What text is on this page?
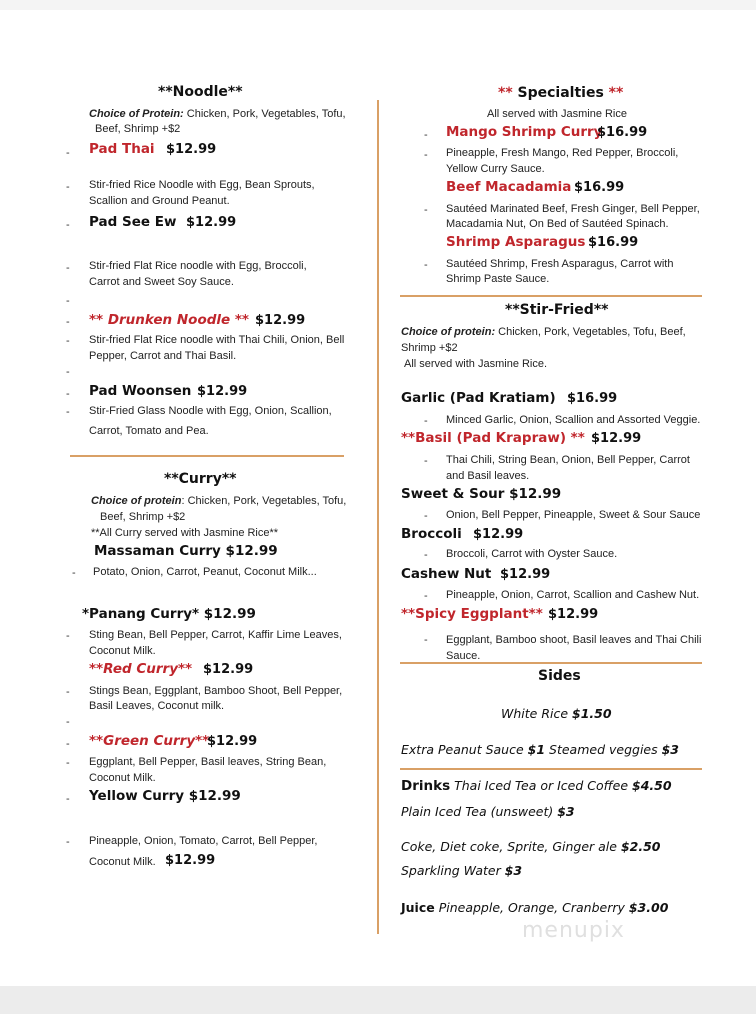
**Noodle**
Choice of Protein: Chicken, Pork, Vegetables, Tofu,
Beef, Shrimp +$2
- Pad Thai $12.99
- Stir-fried Rice Noodle with Egg, Bean Sprouts,
Scallion and Ground Peanut.
- Pad See Ew $12.99
- Stir-fried Flat Rice noodle with Egg, Broccoli,
Carrot and Sweet Soy Sauce.
-
- ** Drunken Noodle ** $12.99
- Stir-fried Flat Rice noodle with Thai Chili, Onion, Bell
Pepper, Carrot and Thai Basil.
-
- Pad Woonsen $12.99
- Stir-Fried Glass Noodle with Egg, Onion, Scallion,
Carrot, Tomato and Pea.
**Curry**
Choice of protein: Chicken, Pork, Vegetables, Tofu,
Beef, Shrimp +$2
**All Curry served with Jasmine Rice**
Massaman Curry $12.99
- Potato, Onion, Carrot, Peanut, Coconut Milk...
*Panang Curry* $12.99
- Sting Bean, Bell Pepper, Carrot, Kaffir Lime Leaves,
Coconut Milk.
**Red Curry** $12.99
- Stings Bean, Eggplant, Bamboo Shoot, Bell Pepper,
Basil Leaves, Coconut milk.
-
- **Green Curry**
$12.99
- Eggplant, Bell Pepper, Basil leaves, String Bean,
Coconut Milk.
- Yellow Curry $12.99
- Pineapple, Onion, Tomato, Carrot, Bell Pepper,
Coconut Milk. $12.99
** Specialties **
All served with Jasmine Rice
- Mango Shrimp Curry
$16.99
- Pineapple, Fresh Mango, Red Pepper, Broccoli,
Yellow Curry Sauce.
Beef Macadamia $16.99
- Sautéed Marinated Beef, Fresh Ginger, Bell Pepper,
Macadamia Nut, On Bed of Sautéed Spinach.
Shrimp Asparagus $16.99
- Sautéed Shrimp, Fresh Asparagus, Carrot with
Shrimp Paste Sauce.
**Stir-Fried**
Choice of protein: Chicken, Pork, Vegetables, Tofu, Beef,
Shrimp +$2
All served with Jasmine Rice.
Garlic (Pad Kratiam) $16.99
- Minced Garlic, Onion, Scallion and Assorted Veggie.
**Basil (Pad Krapraw) ** $12.99
- Thai Chili, String Bean, Onion, Bell Pepper, Carrot
and Basil leaves.
Sweet & Sour $12.99
- Onion, Bell Pepper, Pineapple, Sweet & Sour Sauce
Broccoli $12.99
- Broccoli, Carrot with Oyster Sauce.
Cashew Nut $12.99
- Pineapple, Onion, Carrot, Scallion and Cashew Nut.
**Spicy Eggplant** $12.99
- Eggplant, Bamboo shoot, Basil leaves and Thai Chili
Sauce.
Sides
White Rice $1.50
Extra Peanut Sauce $1 Steamed veggies $3
Drinks Thai Iced Tea or Iced Coffee $4.50
Plain Iced Tea (unsweet) $3
Coke, Diet coke, Sprite, Ginger ale $2.50
Sparkling Water $3
Juice Pineapple, Orange, Cranberry $3.00
menupix
